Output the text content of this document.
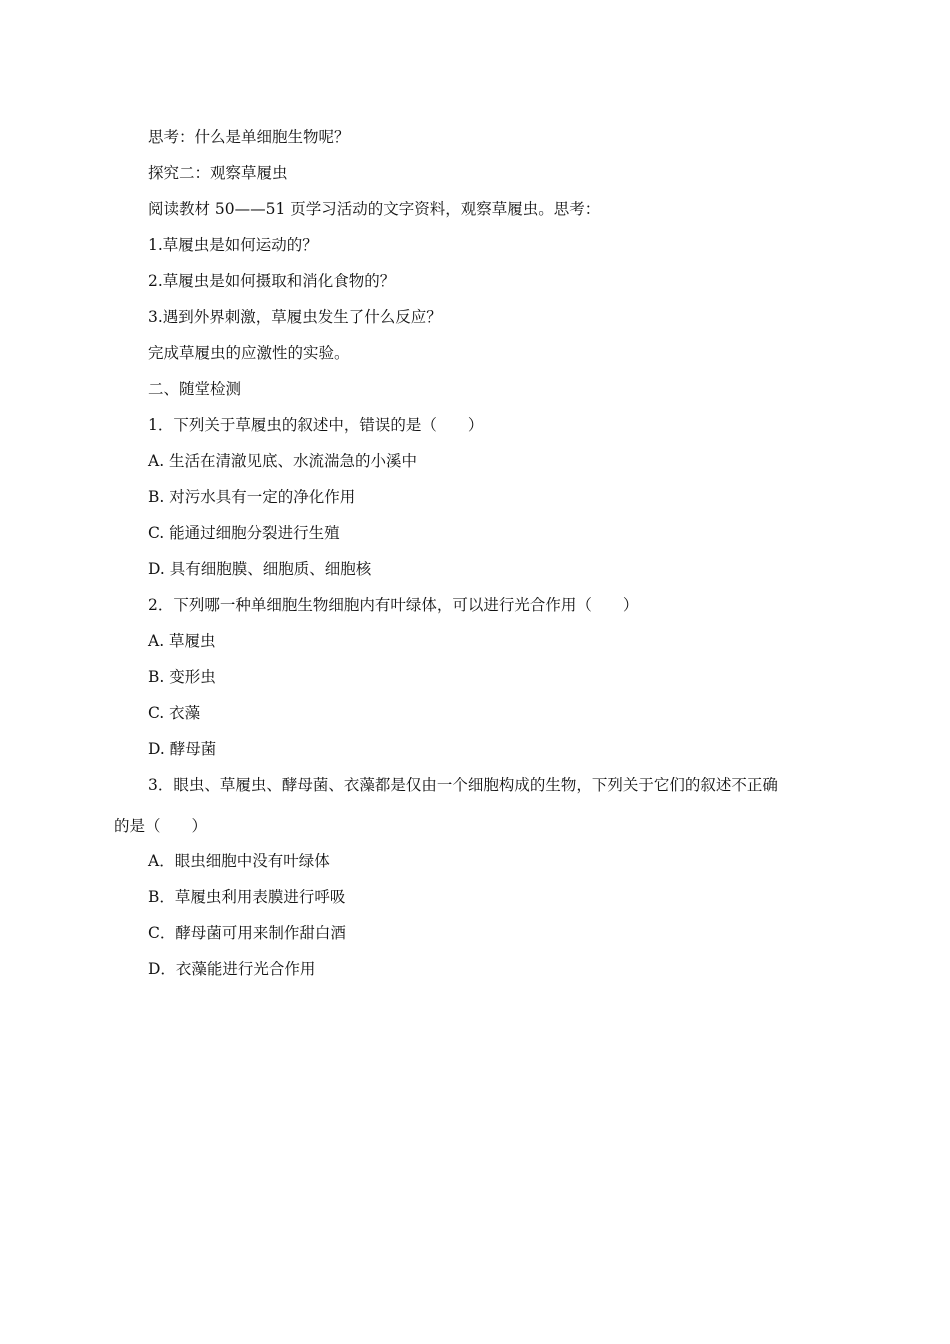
思考：什么是单细胞生物呢？
探究二：观察草履虫
阅读教材 50——51 页学习活动的文字资料，观察草履虫。思考：
1.草履虫是如何运动的？
2.草履虫是如何摄取和消化食物的？
3.遇到外界刺激，草履虫发生了什么反应？
完成草履虫的应激性的实验。
二、随堂检测
1．下列关于草履虫的叙述中，错误的是（　　）
A. 生活在清澈见底、水流湍急的小溪中
B. 对污水具有一定的净化作用
C. 能通过细胞分裂进行生殖
D. 具有细胞膜、细胞质、细胞核
2．下列哪一种单细胞生物细胞内有叶绿体，可以进行光合作用（　　）
A. 草履虫
B. 变形虫
C. 衣藻
D. 酵母菌
3．眼虫、草履虫、酵母菌、衣藻都是仅由一个细胞构成的生物，下列关于它们的叙述不正确
的是（　　）
A．眼虫细胞中没有叶绿体
B．草履虫利用表膜进行呼吸
C．酵母菌可用来制作甜白酒
D．衣藻能进行光合作用
